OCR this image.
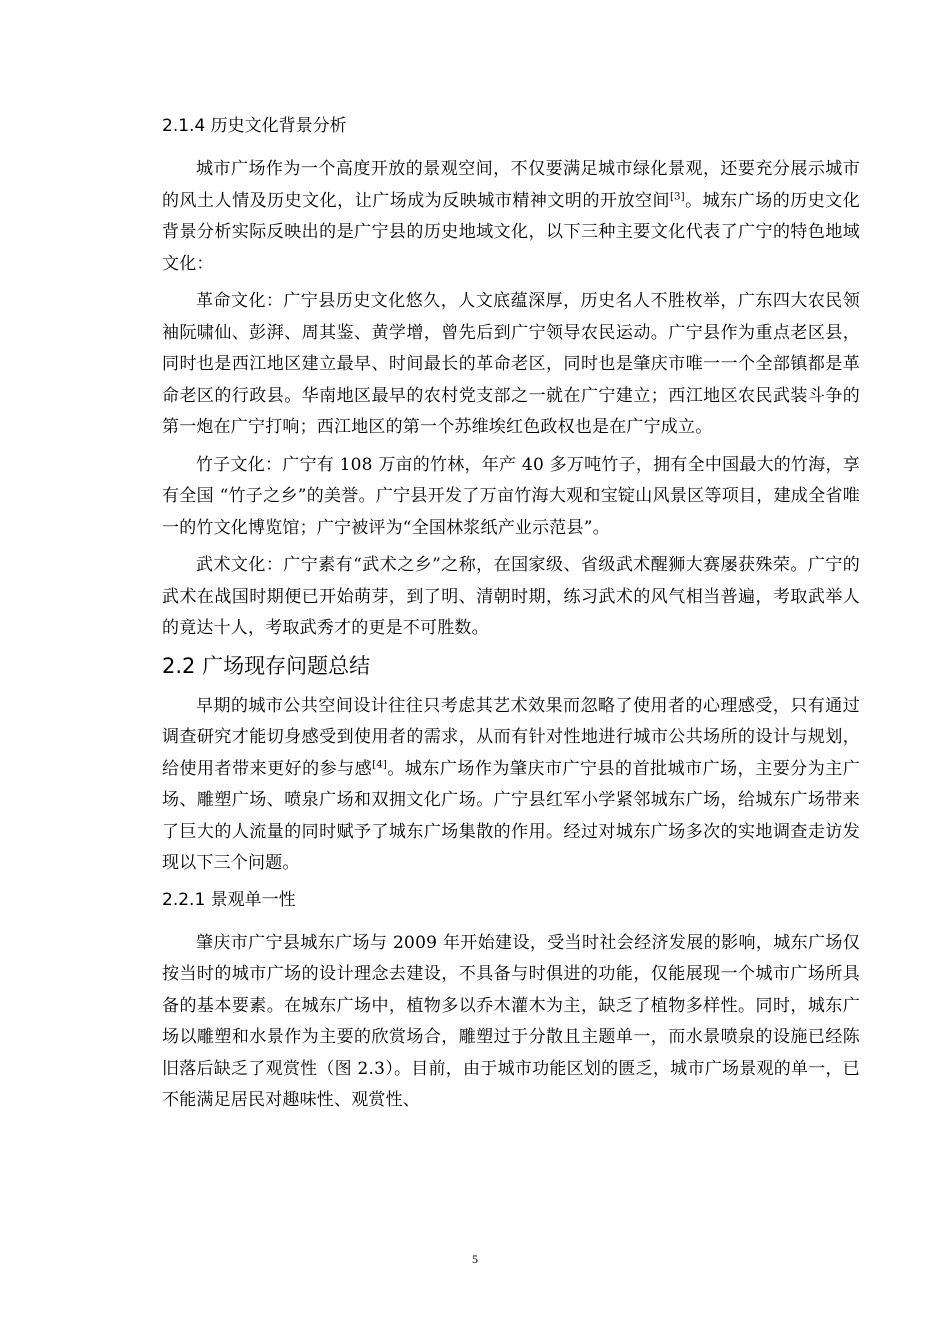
2.1.4 历史文化背景分析

城市广场作为一个高度开放的景观空间，不仅要满足城市绿化景观，还要充分展示城市的风土人情及历史文化，让广场成为反映城市精神文明的开放空间[3]。城东广场的历史文化背景分析实际反映出的是广宁县的历史地域文化，以下三种主要文化代表了广宁的特色地域文化：

革命文化：广宁县历史文化悠久，人文底蕴深厚，历史名人不胜枚举，广东四大农民领袖阮啸仙、彭湃、周其鉴、黄学增，曾先后到广宁领导农民运动。广宁县作为重点老区县，同时也是西江地区建立最早、时间最长的革命老区，同时也是肇庆市唯一一个全部镇都是革命老区的行政县。华南地区最早的农村党支部之一就在广宁建立；西江地区农民武装斗争的第一炮在广宁打响；西江地区的第一个苏维埃红色政权也是在广宁成立。

竹子文化：广宁有 108 万亩的竹林，年产 40 多万吨竹子，拥有全中国最大的竹海，享有全国 “竹子之乡”的美誉。广宁县开发了万亩竹海大观和宝锭山风景区等项目，建成全省唯一的竹文化博览馆；广宁被评为“全国林浆纸产业示范县”。

武术文化：广宁素有“武术之乡”之称，在国家级、省级武术醒狮大赛屡获殊荣。广宁的武术在战国时期便已开始萌芽，到了明、清朝时期，练习武术的风气相当普遍，考取武举人的竟达十人，考取武秀才的更是不可胜数。

2.2 广场现存问题总结

早期的城市公共空间设计往往只考虑其艺术效果而忽略了使用者的心理感受，只有通过调查研究才能切身感受到使用者的需求，从而有针对性地进行城市公共场所的设计与规划，给使用者带来更好的参与感[4]。城东广场作为肇庆市广宁县的首批城市广场，主要分为主广场、雕塑广场、喷泉广场和双拥文化广场。广宁县红军小学紧邻城东广场，给城东广场带来了巨大的人流量的同时赋予了城东广场集散的作用。经过对城东广场多次的实地调查走访发现以下三个问题。

2.2.1 景观单一性

肇庆市广宁县城东广场与 2009 年开始建设，受当时社会经济发展的影响，城东广场仅按当时的城市广场的设计理念去建设，不具备与时俱进的功能，仅能展现一个城市广场所具备的基本要素。在城东广场中，植物多以乔木灌木为主，缺乏了植物多样性。同时，城东广场以雕塑和水景作为主要的欣赏场合，雕塑过于分散且主题单一，而水景喷泉的设施已经陈旧落后缺乏了观赏性（图 2.3）。目前，由于城市功能区划的匮乏，城市广场景观的单一，已不能满足居民对趣味性、观赏性、

5
